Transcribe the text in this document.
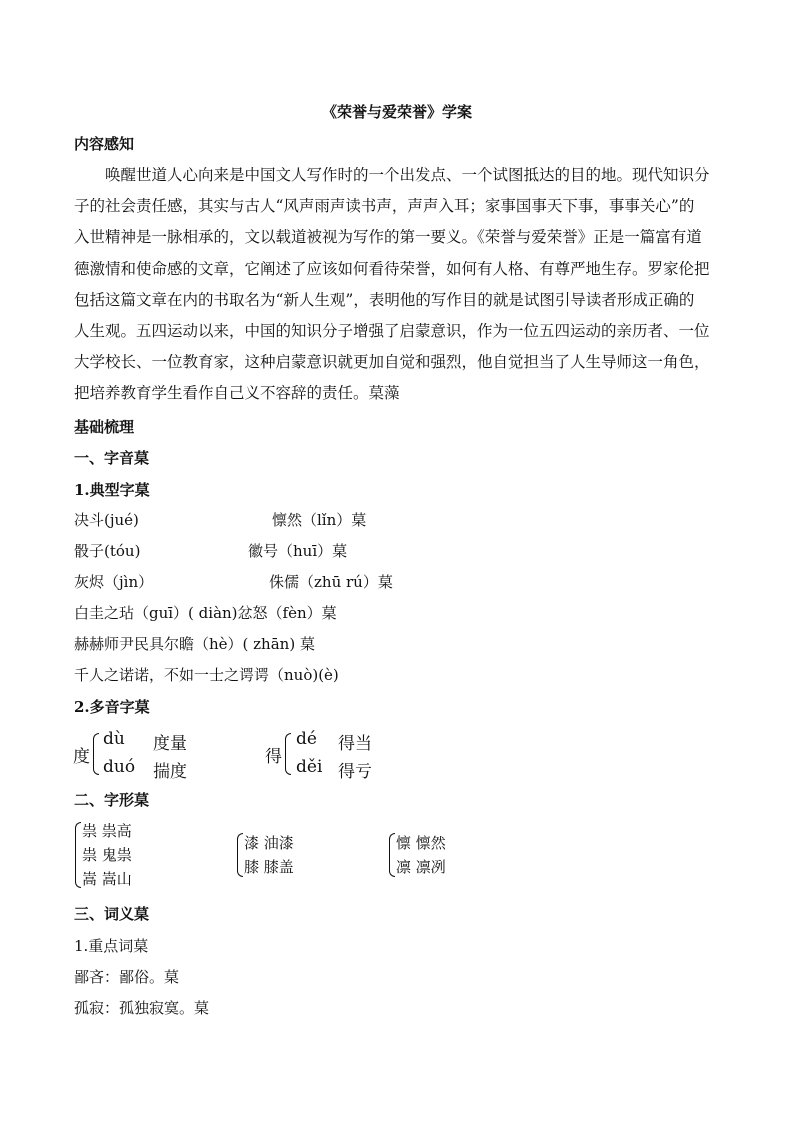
《荣誉与爱荣誉》学案
内容感知
唤醒世道人心向来是中国文人写作时的一个出发点、一个试图抵达的目的地。现代知识分
子的社会责任感，其实与古人“风声雨声读书声，声声入耳；家事国事天下事，事事关心”的
入世精神是一脉相承的，文以载道被视为写作的第一要义。《荣誉与爱荣誉》正是一篇富有道
德激情和使命感的文章，它阐述了应该如何看待荣誉，如何有人格、有尊严地生存。罗家伦把
包括这篇文章在内的书取名为“新人生观”，表明他的写作目的就是试图引导读者形成正确的
人生观。五四运动以来，中国的知识分子增强了启蒙意识，作为一位五四运动的亲历者、一位
大学校长、一位教育家，这种启蒙意识就更加自觉和强烈，他自觉担当了人生导师这一角色，
把培养教育学生看作自己义不容辞的责任。菒藻
基础梳理
一、字音菒
1.典型字菒
决斗(jué)	懔然（lǐn）菒
骰子(tóu)	徽号（huī）菒
灰烬（jìn）	侏儒（zhū rú）菒
白圭之玷（guī）( diàn)忿怒（fèn）菒
赫赫师尹民具尔瞻（hè）( zhān) 菒
千人之诺诺，不如一士之谔谔（nuò)(è)
2.多音字菒
度
dù 度量
duó 揣度
得
dé 得当
děi 得亏
二、字形菒
祟 祟高
祟 鬼祟
嵩 嵩山
漆 油漆
膝 膝盖
懔 懔然
凛 凛冽
三、词义菒
1.重点词菒
鄙吝：鄙俗。菒
孤寂：孤独寂寞。菒
